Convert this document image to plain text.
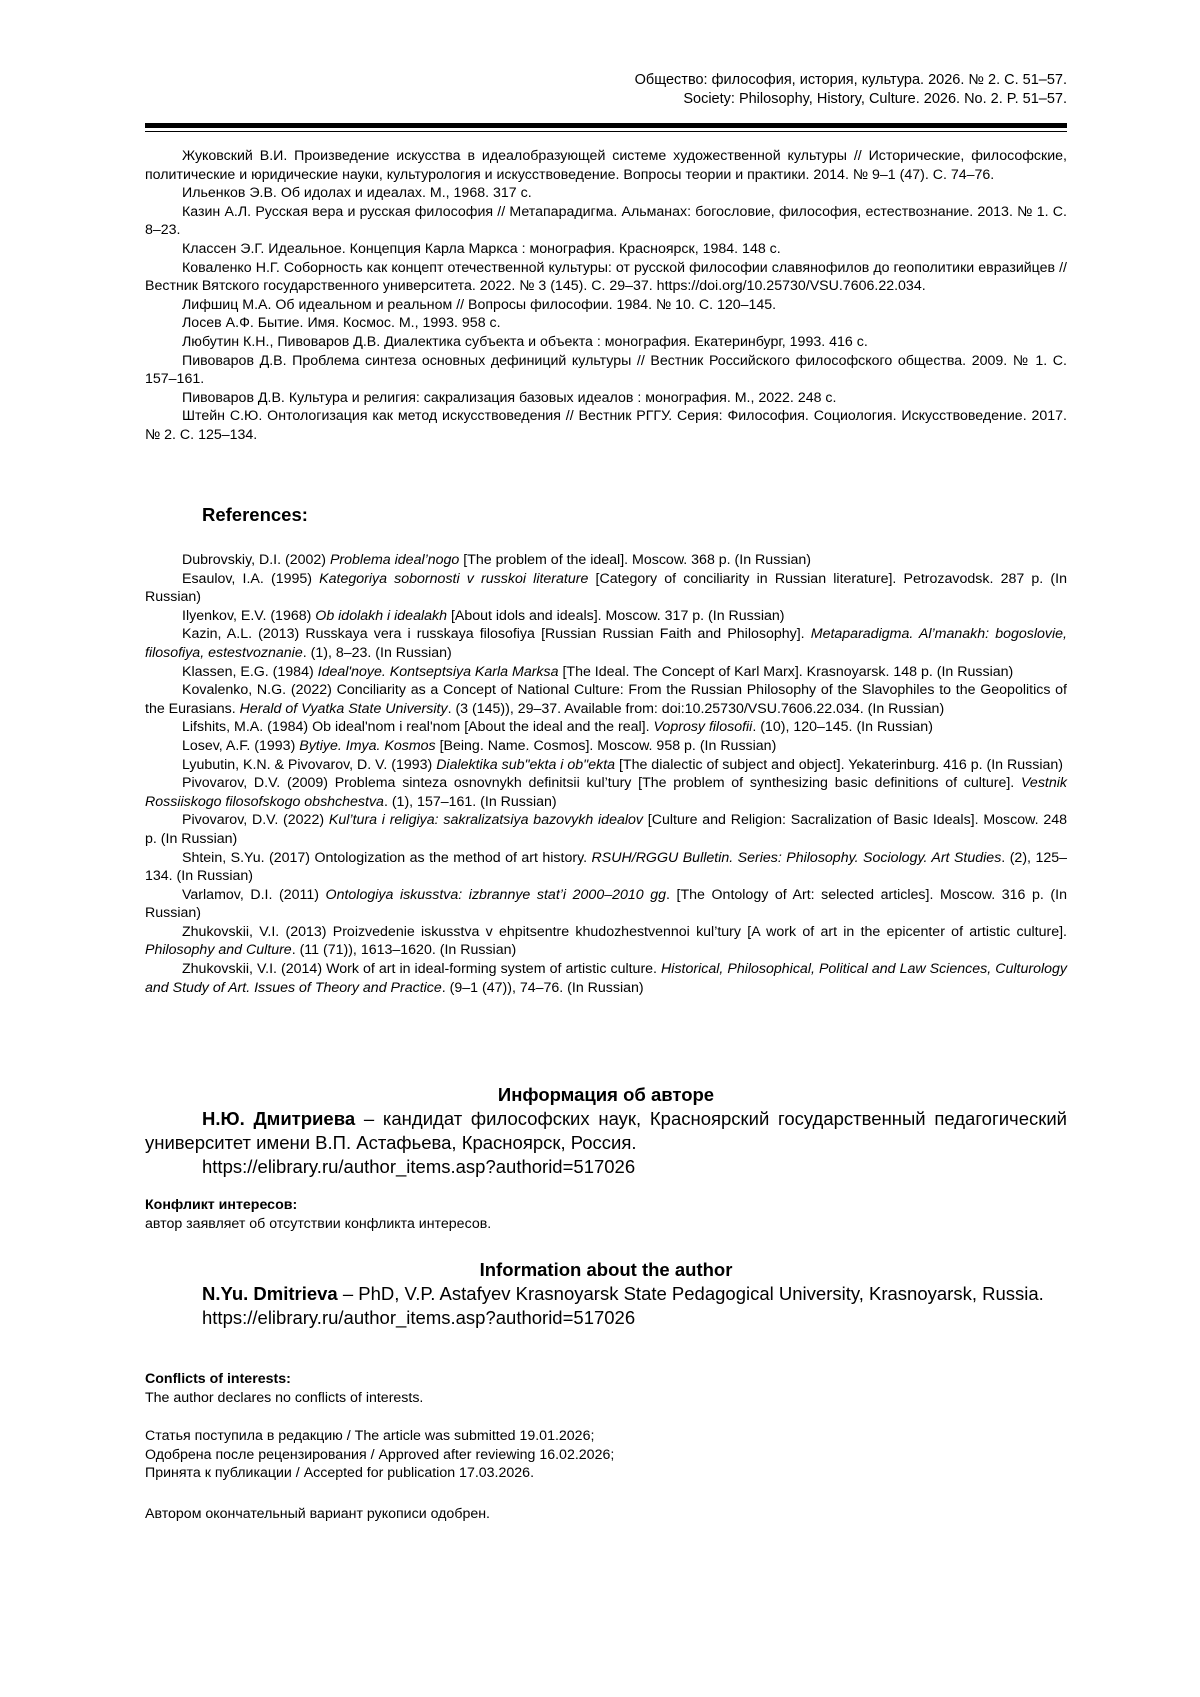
Общество: философия, история, культура. 2026. № 2. С. 51–57.
Society: Philosophy, History, Culture. 2026. No. 2. P. 51–57.

Жуковский В.И. Произведение искусства в идеалобразующей системе художественной культуры // Исторические, философские, политические и юридические науки, культурология и искусствоведение. Вопросы теории и практики. 2014. № 9–1 (47). С. 74–76.

Ильенков Э.В. Об идолах и идеалах. М., 1968. 317 с.

Казин А.Л. Русская вера и русская философия // Метапарадигма. Альманах: богословие, философия, естествознание. 2013. № 1. С. 8–23.

Классен Э.Г. Идеальное. Концепция Карла Маркса : монография. Красноярск, 1984. 148 с.

Коваленко Н.Г. Соборность как концепт отечественной культуры: от русской философии славянофилов до геополитики евразийцев // Вестник Вятского государственного университета. 2022. № 3 (145). С. 29–37. https://doi.org/10.25730/VSU.7606.22.034.

Лифшиц М.А. Об идеальном и реальном // Вопросы философии. 1984. № 10. С. 120–145.

Лосев А.Ф. Бытие. Имя. Космос. М., 1993. 958 с.

Любутин К.Н., Пивоваров Д.В. Диалектика субъекта и объекта : монография. Екатеринбург, 1993. 416 с.

Пивоваров Д.В. Проблема синтеза основных дефиниций культуры // Вестник Российского философского общества. 2009. № 1. С. 157–161.

Пивоваров Д.В. Культура и религия: сакрализация базовых идеалов : монография. М., 2022. 248 с.

Штейн С.Ю. Онтологизация как метод искусствоведения // Вестник РГГУ. Серия: Философия. Социология. Искусствоведение. 2017. № 2. С. 125–134.

References:

Dubrovskiy, D.I. (2002) Problema ideal’nogo [The problem of the ideal]. Moscow. 368 p. (In Russian)

Esaulov, I.A. (1995) Kategoriya sobornosti v russkoi literature [Category of conciliarity in Russian literature]. Petrozavodsk. 287 p. (In Russian)

Ilyenkov, E.V. (1968) Ob idolakh i idealakh [About idols and ideals]. Moscow. 317 p. (In Russian)

Kazin, A.L. (2013) Russkaya vera i russkaya filosofiya [Russian Russian Faith and Philosophy]. Metaparadigma. Al’manakh: bogoslovie, filosofiya, estestvoznanie. (1), 8–23. (In Russian)

Klassen, E.G. (1984) Ideal'noye. Kontseptsiya Karla Marksa [The Ideal. The Concept of Karl Marx]. Krasnoyarsk. 148 p. (In Russian)

Kovalenko, N.G. (2022) Conciliarity as a Concept of National Culture: From the Russian Philosophy of the Slavophiles to the Geopolitics of the Eurasians. Herald of Vyatka State University. (3 (145)), 29–37. Available from: doi:10.25730/VSU.7606.22.034. (In Russian)

Lifshits, M.A. (1984) Ob ideal'nom i real'nom [About the ideal and the real]. Voprosy filosofii. (10), 120–145. (In Russian)

Losev, A.F. (1993) Bytiye. Imya. Kosmos [Being. Name. Cosmos]. Moscow. 958 p. (In Russian)

Lyubutin, K.N. & Pivovarov, D. V. (1993) Dialektika sub"ekta i ob"ekta [The dialectic of subject and object]. Yekaterinburg. 416 p. (In Russian)

Pivovarov, D.V. (2009) Problema sinteza osnovnykh definitsii kul’tury [The problem of synthesizing basic definitions of culture]. Vestnik Rossiiskogo filosofskogo obshchestva. (1), 157–161. (In Russian)

Pivovarov, D.V. (2022) Kul’tura i religiya: sakralizatsiya bazovykh idealov [Culture and Religion: Sacralization of Basic Ideals]. Moscow. 248 p. (In Russian)

Shtein, S.Yu. (2017) Ontologization as the method of art history. RSUH/RGGU Bulletin. Series: Philosophy. Sociology. Art Studies. (2), 125–134. (In Russian)

Varlamov, D.I. (2011) Ontologiya iskusstva: izbrannye stat’i 2000–2010 gg. [The Ontology of Art: selected articles]. Moscow. 316 p. (In Russian)

Zhukovskii, V.I. (2013) Proizvedenie iskusstva v ehpitsentre khudozhestvennoi kul’tury [A work of art in the epicenter of artistic culture]. Philosophy and Culture. (11 (71)), 1613–1620. (In Russian)

Zhukovskii, V.I. (2014) Work of art in ideal-forming system of artistic culture. Historical, Philosophical, Political and Law Sciences, Culturology and Study of Art. Issues of Theory and Practice. (9–1 (47)), 74–76. (In Russian)

Информация об авторе

Н.Ю. Дмитриева – кандидат философских наук, Красноярский государственный педагогический университет имени В.П. Астафьева, Красноярск, Россия.

https://elibrary.ru/author_items.asp?authorid=517026

Конфликт интересов:
автор заявляет об отсутствии конфликта интересов.
Information about the author

N.Yu. Dmitrieva – PhD, V.P. Astafyev Krasnoyarsk State Pedagogical University, Krasnoyarsk, Russia.

https://elibrary.ru/author_items.asp?authorid=517026

Conflicts of interests:
The author declares no conflicts of interests.
Статья поступила в редакцию / The article was submitted 19.01.2026;
Одобрена после рецензирования / Approved after reviewing 16.02.2026;
Принята к публикации / Accepted for publication 17.03.2026.
Автором окончательный вариант рукописи одобрен.
